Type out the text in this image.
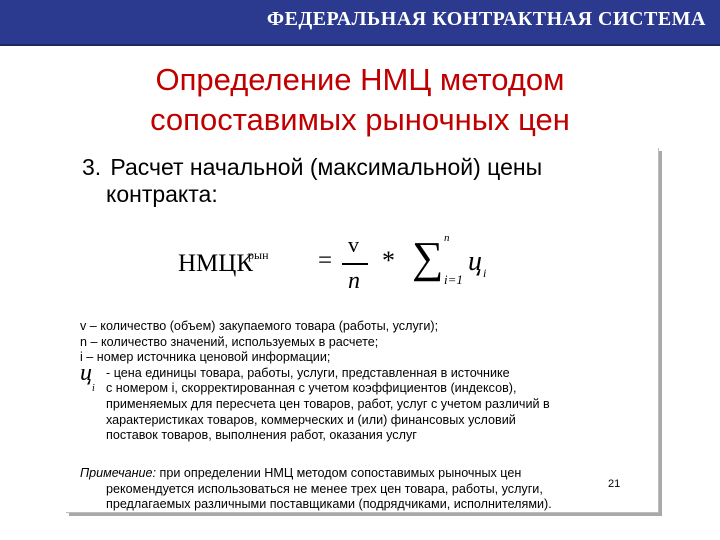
ФЕДЕРАЛЬНАЯ КОНТРАКТНАЯ СИСТЕМА
Определение НМЦ методом
сопоставимых рыночных цен
3. Расчет начальной (максимальной) цены
контракта:
НМЦК
рын =
v
n
* ∑ n
i=1
ц i
v – количество (объем) закупаемого товара (работы, услуги);
n – количество значений, используемых в расчете;
i – номер источника ценовой информации;
ц
i
- цена единицы товара, работы, услуги, представленная в источнике
с номером i, скорректированная с учетом коэффициентов (индексов),
применяемых для пересчета цен товаров, работ, услуг с учетом различий в
характеристиках товаров, коммерческих и (или) финансовых условий
поставок товаров, выполнения работ, оказания услуг
Примечание: при определении НМЦ методом сопоставимых рыночных цен
рекомендуется использоваться не менее трех цен товара, работы, услуги,
предлагаемых различными поставщиками (подрядчиками, исполнителями).
21
